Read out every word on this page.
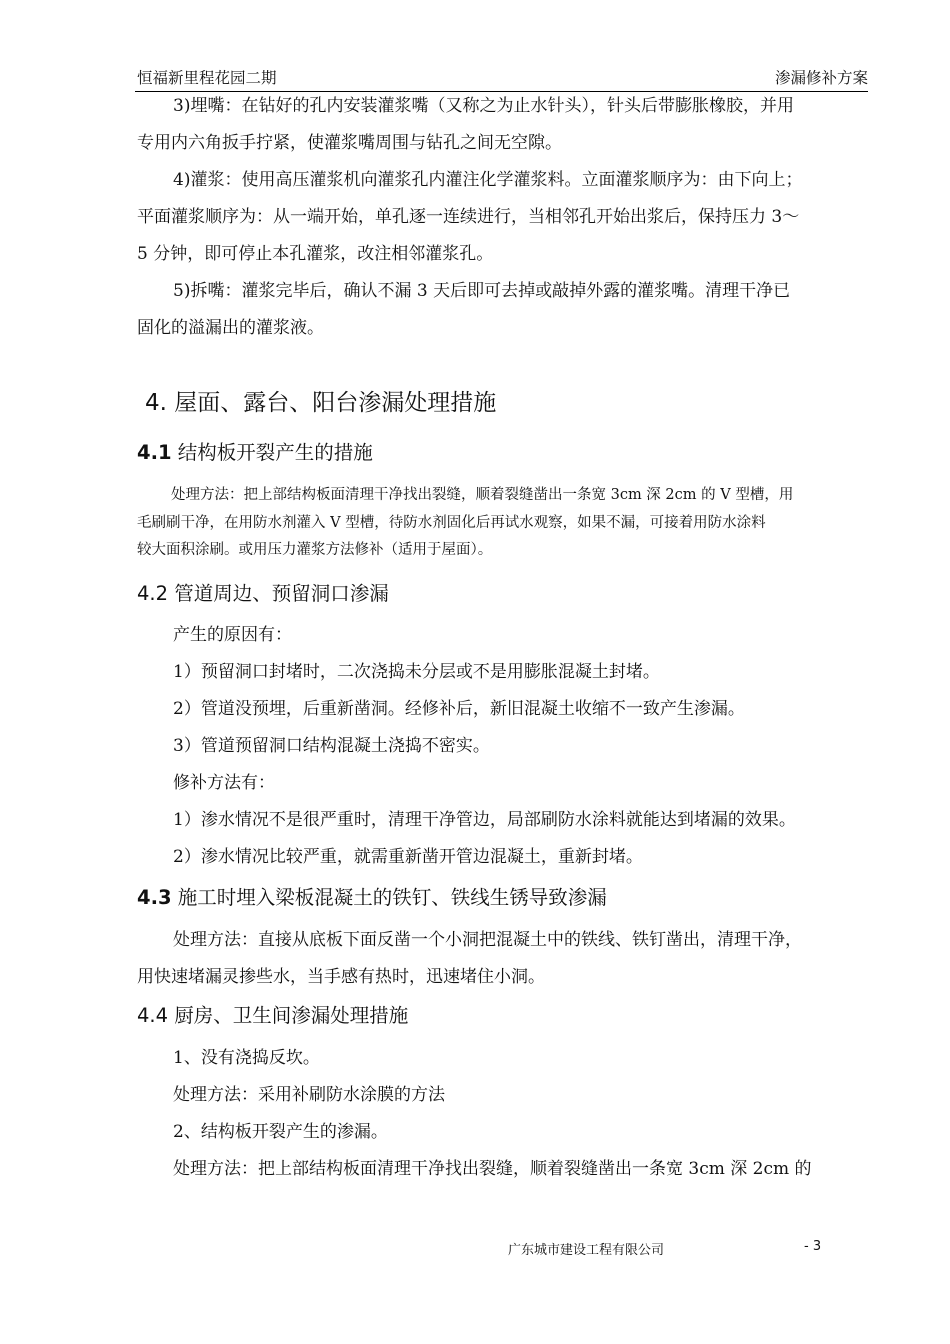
恒福新里程花园二期	渗漏修补方案
3)埋嘴：在钻好的孔内安装灌浆嘴（又称之为止水针头），针头后带膨胀橡胶，并用
专用内六角扳手拧紧，使灌浆嘴周围与钻孔之间无空隙。
4)灌浆：使用高压灌浆机向灌浆孔内灌注化学灌浆料。立面灌浆顺序为：由下向上；
平面灌浆顺序为：从一端开始，单孔逐一连续进行，当相邻孔开始出浆后，保持压力 3～
5 分钟，即可停止本孔灌浆，改注相邻灌浆孔。
5)拆嘴：灌浆完毕后，确认不漏 3 天后即可去掉或敲掉外露的灌浆嘴。清理干净已
固化的溢漏出的灌浆液。
4. 屋面、露台、阳台渗漏处理措施
4.1 结构板开裂产生的措施
处理方法：把上部结构板面清理干净找出裂缝，顺着裂缝凿出一条宽 3cm 深 2cm 的 V 型槽，用
毛刷刷干净，在用防水剂灌入 V 型槽，待防水剂固化后再试水观察，如果不漏，可接着用防水涂料
较大面积涂刷。或用压力灌浆方法修补（适用于屋面）。
4.2 管道周边、预留洞口渗漏
产生的原因有：
1）预留洞口封堵时，二次浇捣未分层或不是用膨胀混凝土封堵。
2）管道没预埋，后重新凿洞。经修补后，新旧混凝土收缩不一致产生渗漏。
3）管道预留洞口结构混凝土浇捣不密实。
修补方法有：
1）渗水情况不是很严重时，清理干净管边，局部刷防水涂料就能达到堵漏的效果。
2）渗水情况比较严重，就需重新凿开管边混凝土，重新封堵。
4.3 施工时埋入梁板混凝土的铁钉、铁线生锈导致渗漏
处理方法：直接从底板下面反凿一个小洞把混凝土中的铁线、铁钉凿出，清理干净，
用快速堵漏灵掺些水，当手感有热时，迅速堵住小洞。
4.4 厨房、卫生间渗漏处理措施
1、没有浇捣反坎。
处理方法：采用补刷防水涂膜的方法
2、结构板开裂产生的渗漏。
处理方法：把上部结构板面清理干净找出裂缝，顺着裂缝凿出一条宽 3cm 深 2cm 的
广东城市建设工程有限公司	- 3
